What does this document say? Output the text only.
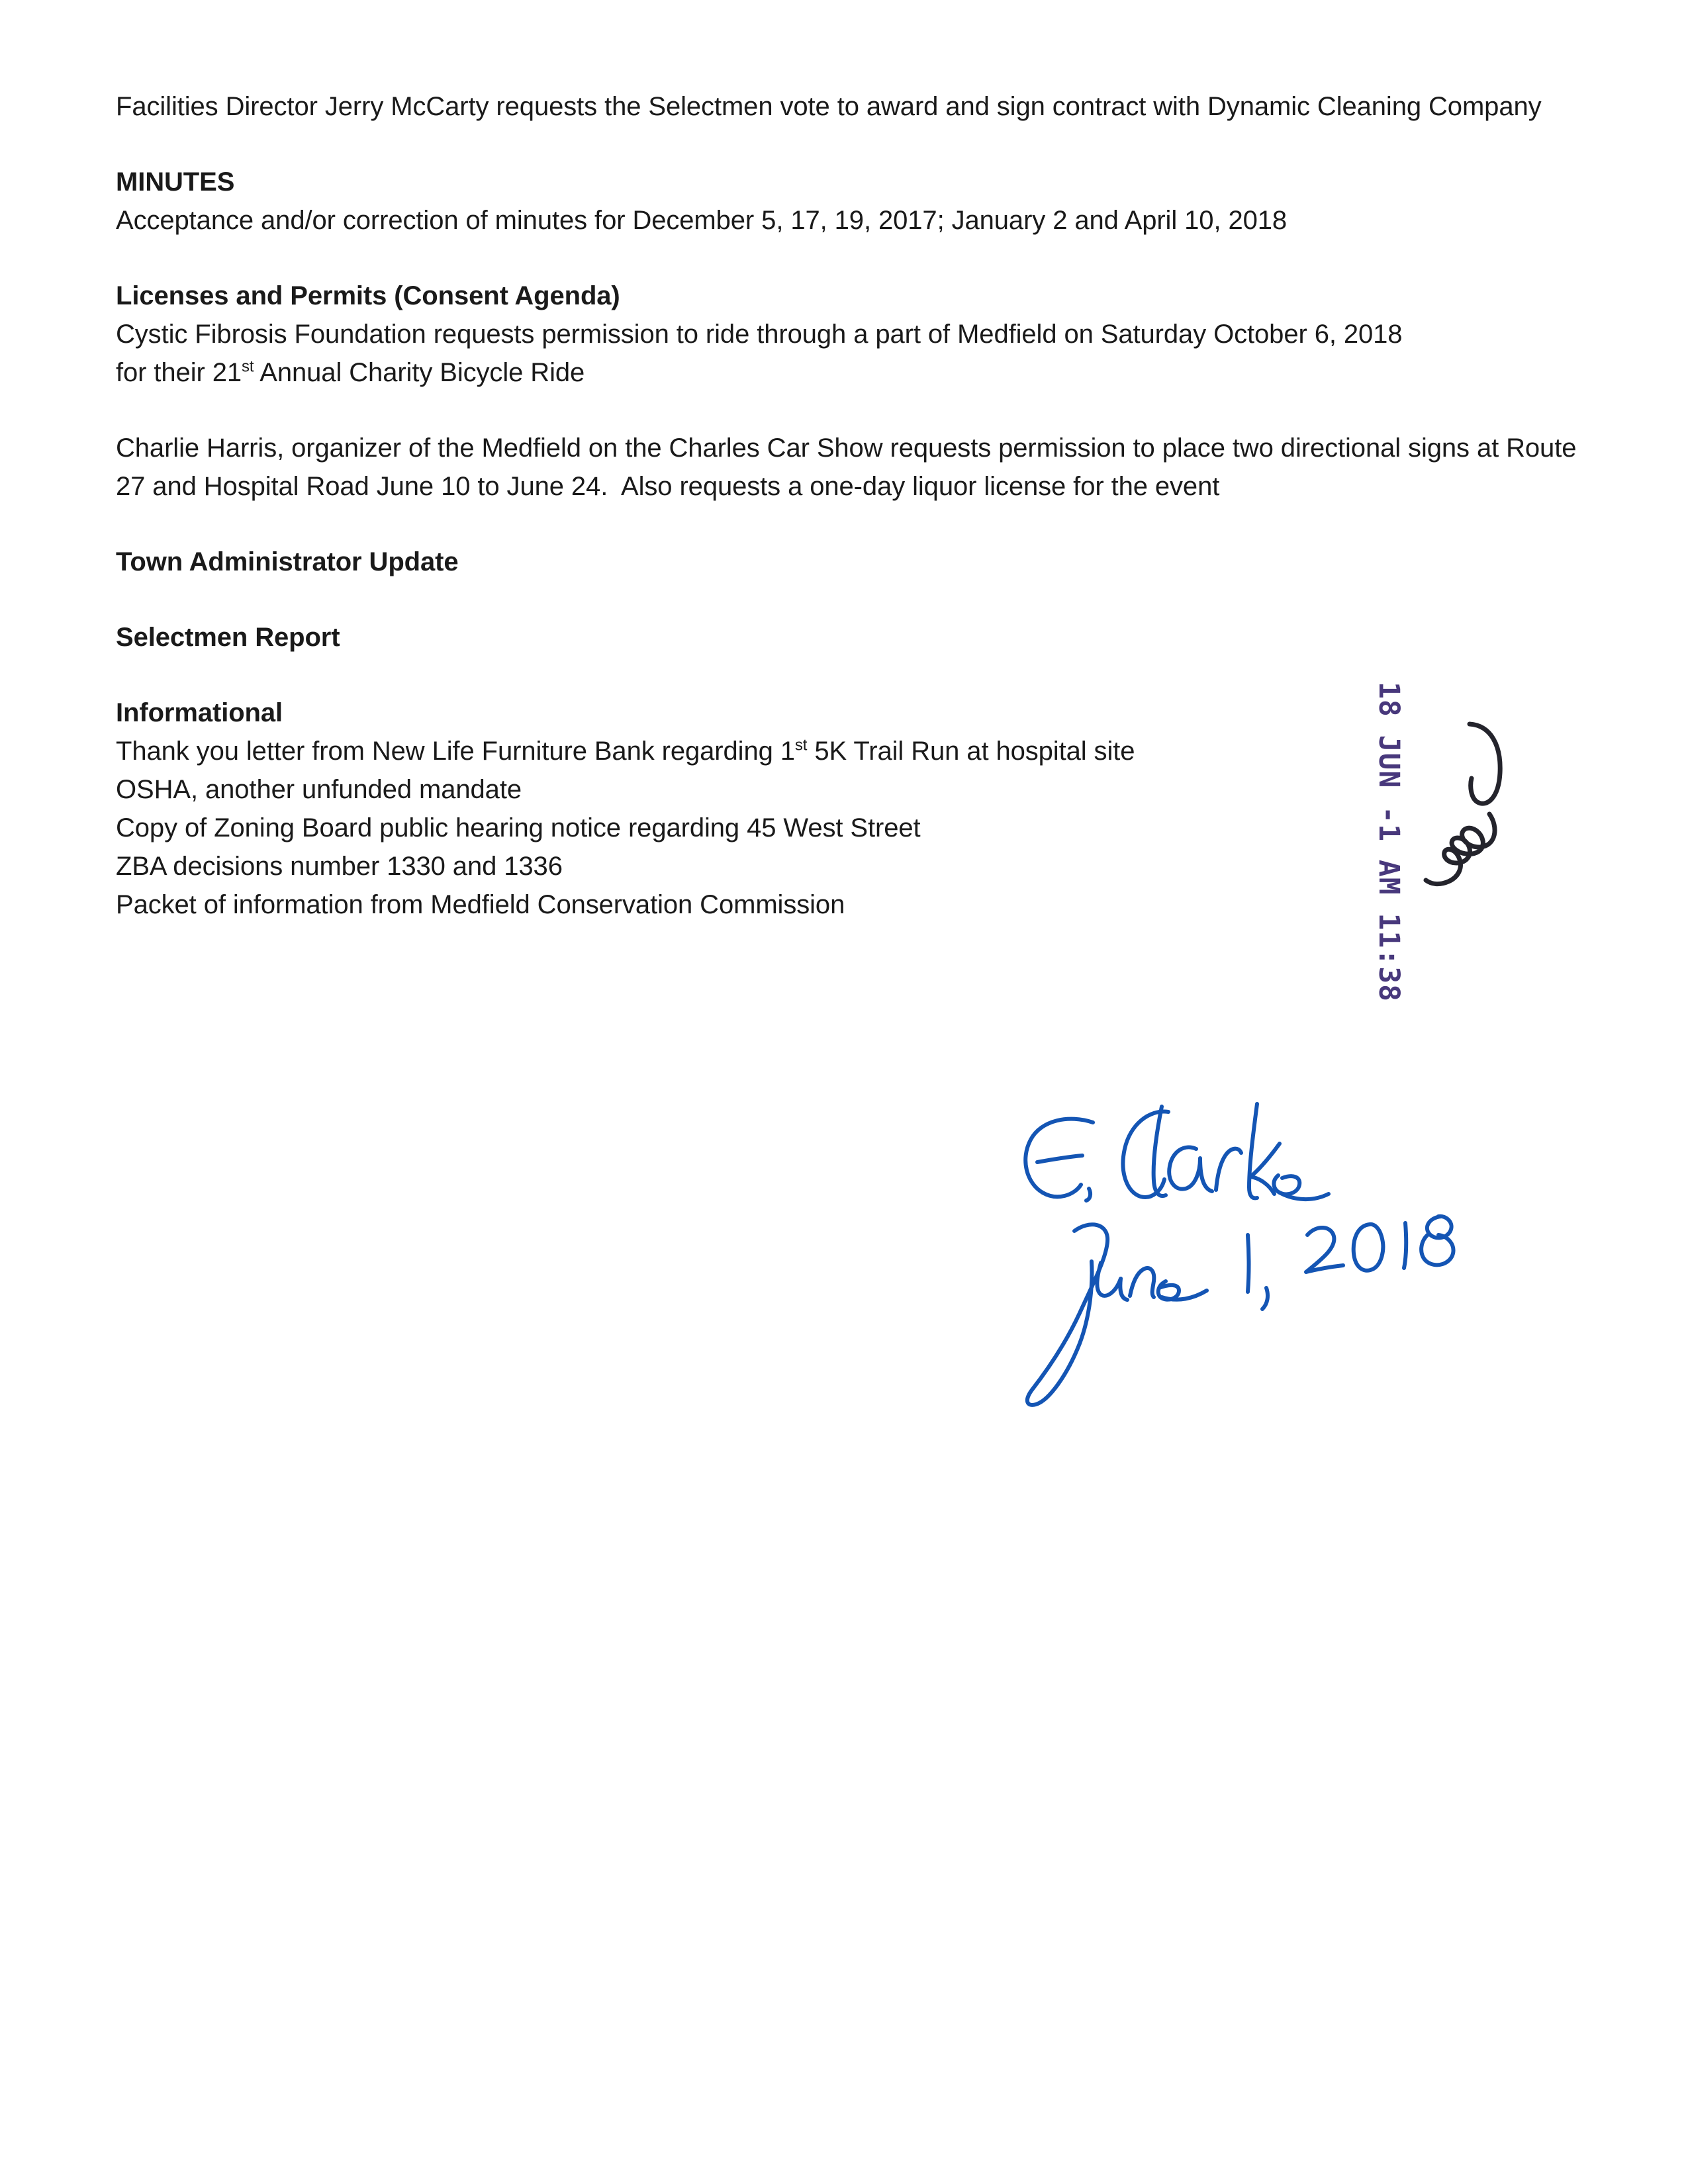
Facilities Director Jerry McCarty requests the Selectmen vote to award and sign contract with Dynamic Cleaning Company

MINUTES

Acceptance and/or correction of minutes for December 5, 17, 19, 2017; January 2 and April 10, 2018

Licenses and Permits (Consent Agenda)

Cystic Fibrosis Foundation requests permission to ride through a part of Medfield on Saturday October 6, 2018

for their 21st Annual Charity Bicycle Ride

Charlie Harris, organizer of the Medfield on the Charles Car Show requests permission to place two directional signs at Route 27 and Hospital Road June 10 to June 24.  Also requests a one-day liquor license for the event

Town Administrator Update

Selectmen Report

Informational

Thank you letter from New Life Furniture Bank regarding 1st 5K Trail Run at hospital site

OSHA, another unfunded mandate

Copy of Zoning Board public hearing notice regarding 45 West Street

ZBA decisions number 1330 and 1336

Packet of information from Medfield Conservation Commission	18 JUN -1 AM 11:38
